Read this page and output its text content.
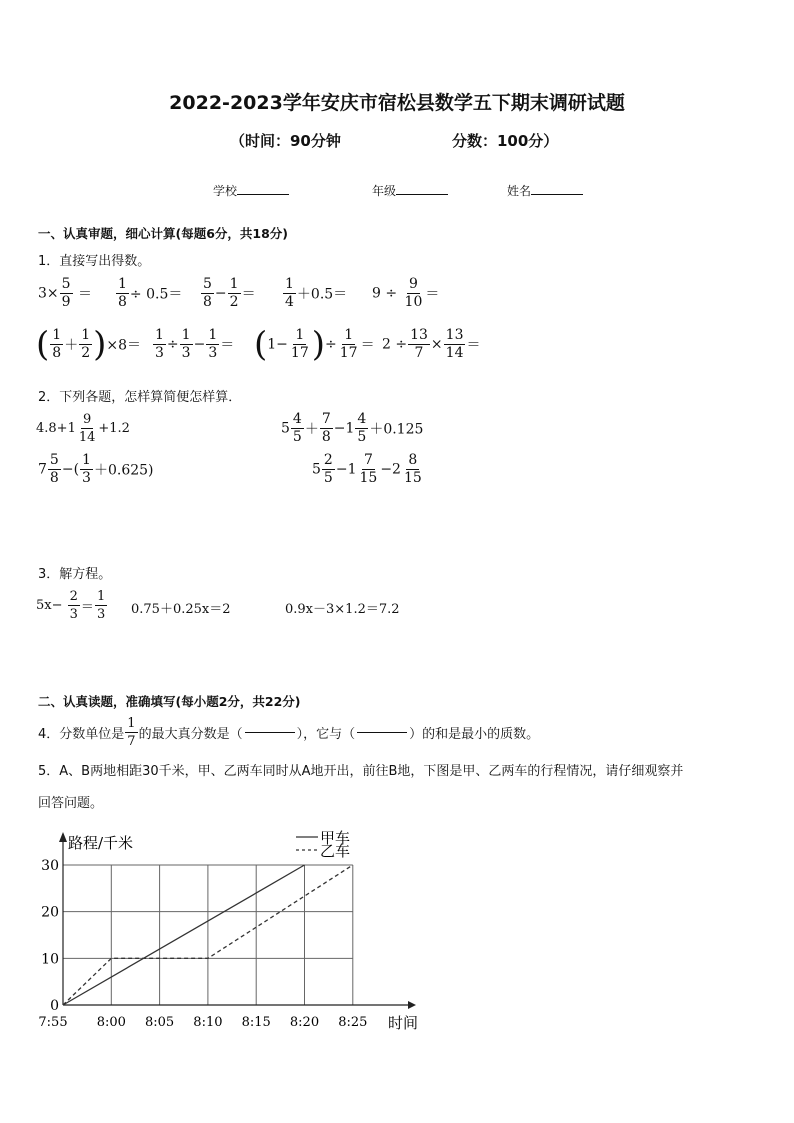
2022-2023学年安庆市宿松县数学五下期末调研试题
（时间：90分钟	分数：100分）
学校	年级	姓名
一、认真审题，细心计算(每题6分，共18分)
1．直接写出得数。
$3\times \frac{5}{9} = \frac{1}{8} \div 0.5= \frac{5}{8} - \frac{1}{2} = \frac{1}{4} +0.5= 9 \div \frac{9}{10}$ ＝
( $\frac{1}{8} + \frac{1}{2} )\times 8= \frac{1}{3} \div \frac{1}{3} - \frac{1}{3} = (1- \frac{1}{17}$ )÷ $\frac{1}{17} = 2 \div \frac{13}{7} \times \frac{13}{14}$ ＝
2．下列各题，怎样算简便怎样算．
$4.8+1 \frac{9}{14} +1.2$	$5 \frac{4}{5} + \frac{7}{8} -1 \frac{4}{5} +0.125$
$7 \frac{5}{8}$ −( $\frac{1}{3} +0.625$)	$5 \frac{2}{5} -1 \frac{7}{15} -2 \frac{8}{15}$
3．解方程。
$5x- \frac{2}{3} = \frac{1}{3} 0.75+0.25x=2$	0.9x－3×1.2＝7.2
二、认真读题，准确填写(每小题2分，共22分)
4．分数单位是 $\frac{1}{7}$ 的最大真分数是（	），它与（	）的和是最小的质数。
5．A、B两地相距30千米，甲、乙两车同时从A地开出，前往B地，下图是甲、乙两车的行程情况，请仔细观察并
回答问题。
0
10
20
30
7:55 8:00 8:05 8:10 8:15 8:20 8:25
路程/千米
时间
甲车
乙车
